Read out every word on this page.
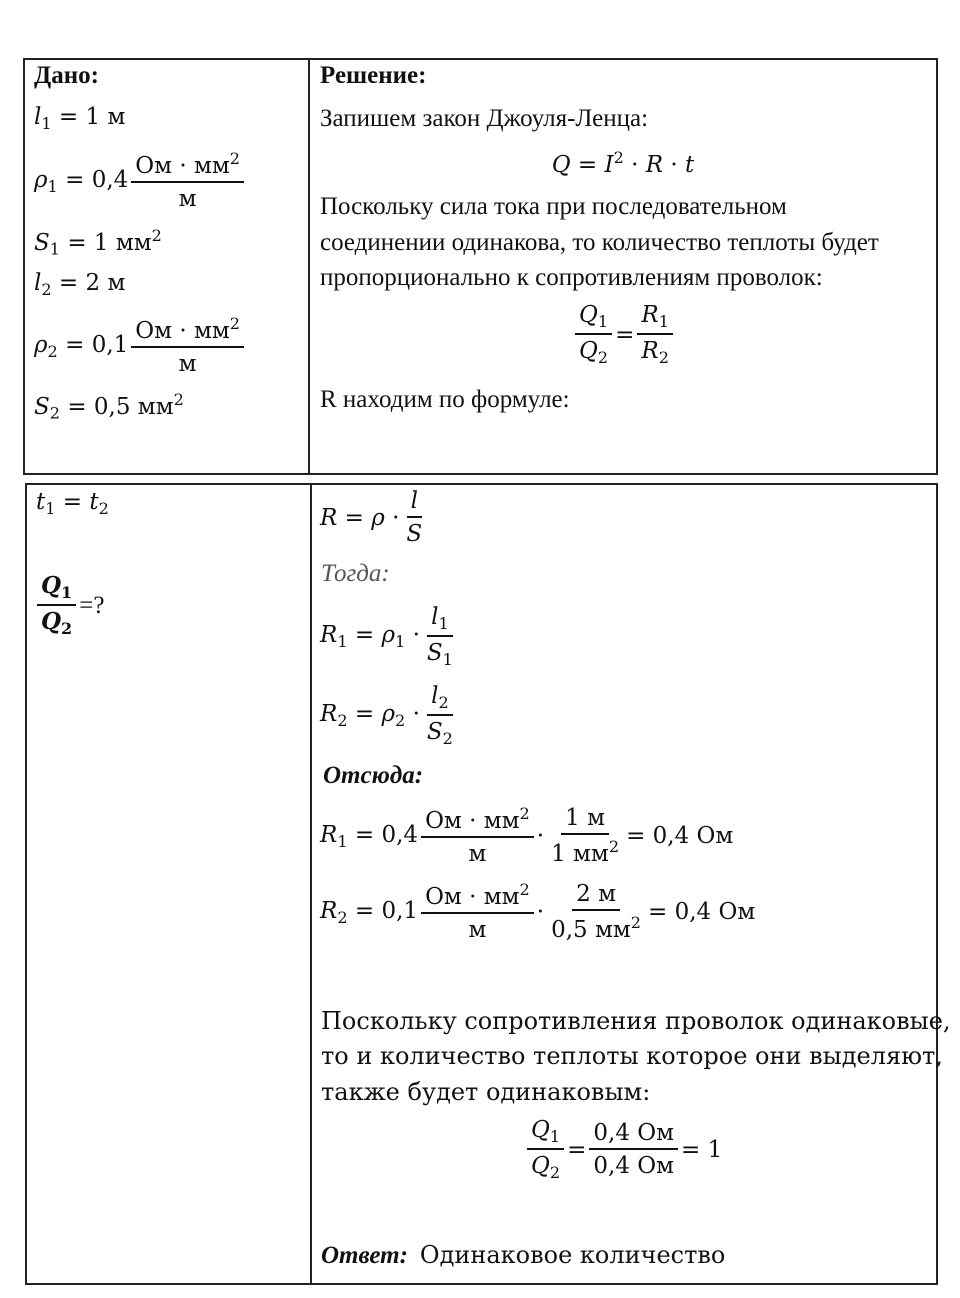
Дано:	Решение:
$l_1 = 1$ м
$\rho_1 = 0,4 \frac{Ом \cdot мм^2}{м}$
$S_1 = 1$ $мм^2$
$l_2 = 2$ м
$\rho_2 = 0,1 \frac{Ом \cdot мм^2}{м}$
$S_2 = 0,5$ $мм^2$
Запишем закон Джоуля-Ленца:
$Q = I^2 \cdot R \cdot t$
Поскольку сила тока при последовательном
соединении одинакова, то количество теплоты будет
пропорционально к сопротивлениям проволок:
$\frac{Q_1}{Q_2} = \frac{R_1}{R_2}$
R находим по формуле:
$t_1 = t_2$
$\frac{Q_1}{Q_2}$ =?
$R = \rho \cdot \frac{l}{S}$
Тогда:
$R_1 = \rho_1 \cdot \frac{l_1}{S_1}$
$R_2 = \rho_2 \cdot \frac{l_2}{S_2}$
Отсюда:
$R_1 = 0,4 \frac{Ом \cdot мм^2}{м} \cdot \frac{1 м}{1 мм^2} = 0,4$ Ом
$R_2 = 0,1 \frac{Ом \cdot мм^2}{м} \cdot \frac{2 м}{0,5 мм^2} = 0,4$ Ом
Поскольку сопротивления проволок одинаковые,
то и количество теплоты которое они выделяют,
также будет одинаковым:
$\frac{Q_1}{Q_2} = \frac{0,4 Ом}{0,4 Ом} = 1$
Ответ: Одинаковое количество
